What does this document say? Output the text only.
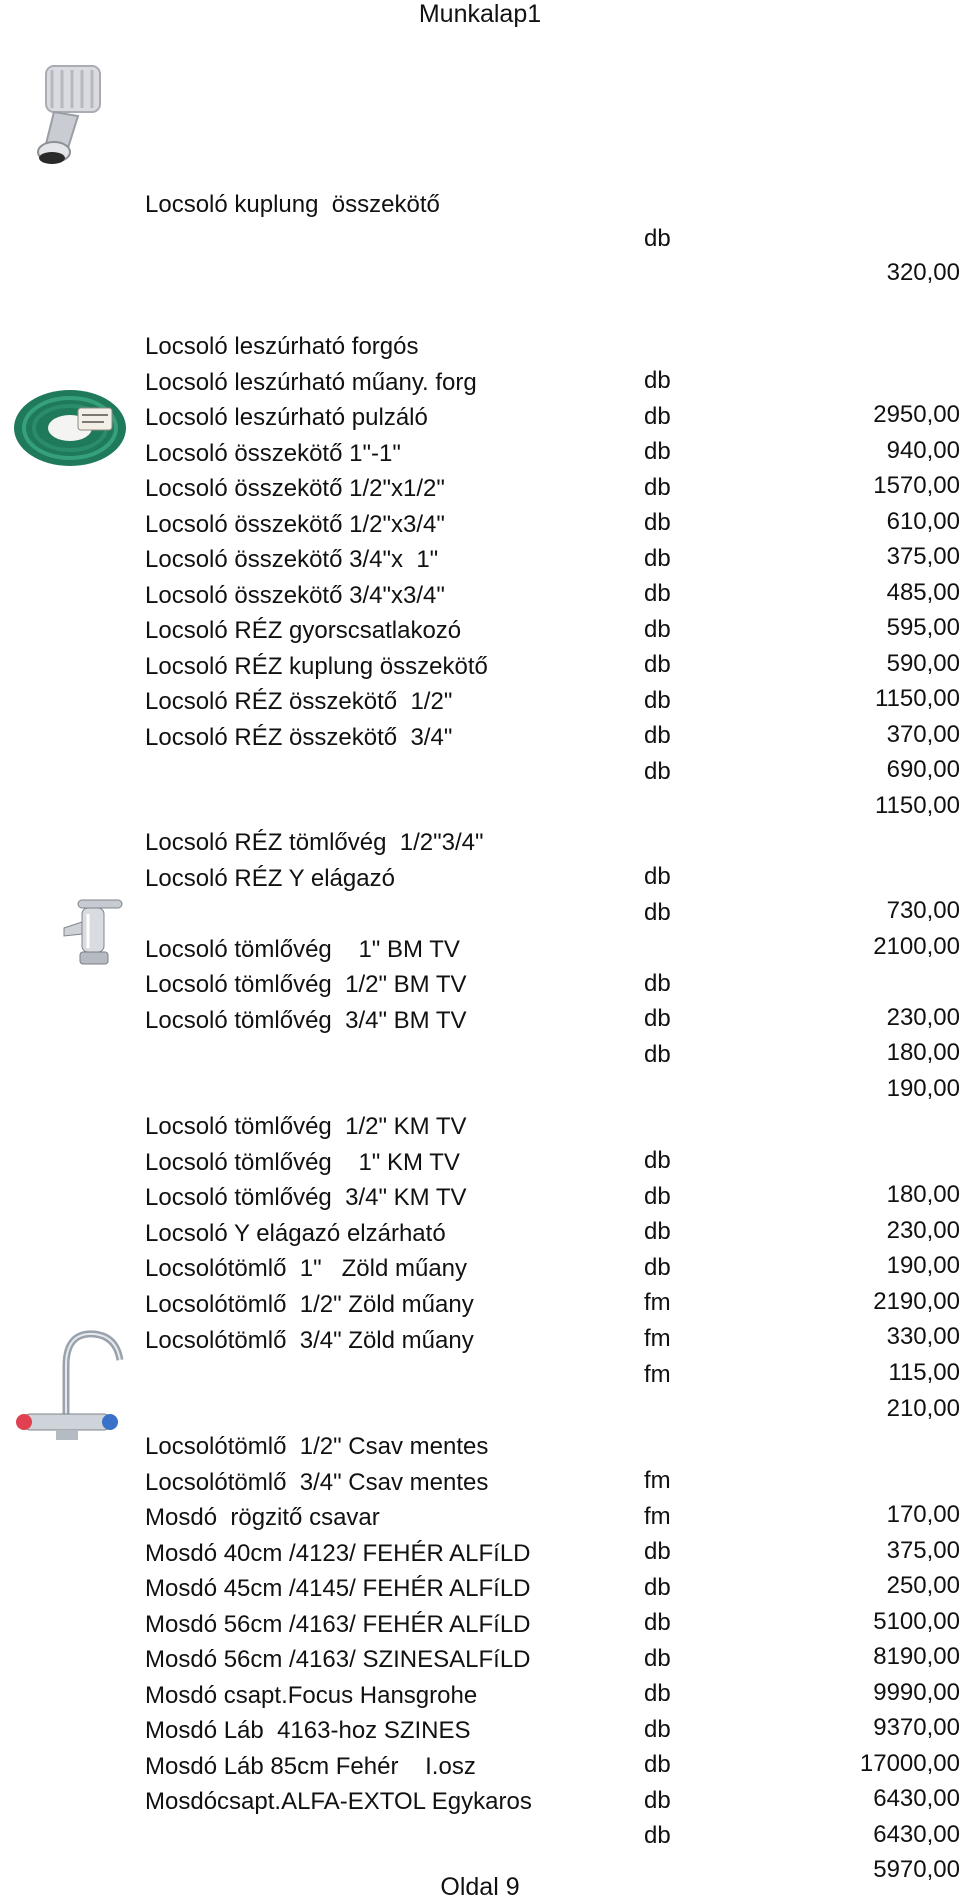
Munkalap1

Locsoló kuplung  összekötő

db

320,00

Locsoló leszúrható forgós

db

2950,00

Locsoló leszúrható műany. forg

db

940,00

Locsoló leszúrható pulzáló

db

1570,00

Locsoló összekötő 1"-1"

db

610,00

Locsoló összekötő 1/2"x1/2"

db

375,00

Locsoló összekötő 1/2"x3/4"

db

485,00

Locsoló összekötő 3/4"x  1"

db

595,00

Locsoló összekötő 3/4"x3/4"

db

590,00

Locsoló RÉZ gyorscsatlakozó

db

1150,00

Locsoló RÉZ kuplung összekötő

db

370,00

Locsoló RÉZ összekötő  1/2"

db

690,00

Locsoló RÉZ összekötő  3/4"

db

1150,00

Locsoló RÉZ tömlővég  1/2"3/4"

db

730,00

Locsoló RÉZ Y elágazó

db

2100,00

Locsoló tömlővég    1" BM TV

db

230,00

Locsoló tömlővég  1/2" BM TV

db

180,00

Locsoló tömlővég  3/4" BM TV

db

190,00

Locsoló tömlővég  1/2" KM TV

db

180,00

Locsoló tömlővég    1" KM TV

db

230,00

Locsoló tömlővég  3/4" KM TV

db

190,00

Locsoló Y elágazó elzárható

db

2190,00

Locsolótömlő  1"   Zöld műany

fm

330,00

Locsolótömlő  1/2" Zöld műany

fm

115,00

Locsolótömlő  3/4" Zöld műany

fm

210,00

Locsolótömlő  1/2" Csav mentes

fm

170,00

Locsolótömlő  3/4" Csav mentes

fm

375,00

Mosdó  rögzitő csavar

db

250,00

Mosdó 40cm /4123/ FEHÉR ALFíLD

db

5100,00

Mosdó 45cm /4145/ FEHÉR ALFíLD

db

8190,00

Mosdó 56cm /4163/ FEHÉR ALFíLD

db

9990,00

Mosdó 56cm /4163/ SZINESALFíLD

db

9370,00

Mosdó csapt.Focus Hansgrohe

db

17000,00

Mosdó Láb  4163-hoz SZINES

db

6430,00

Mosdó Láb 85cm Fehér    I.osz

db

6430,00

Mosdócsapt.ALFA-EXTOL Egykaros

db

5970,00

Oldal 9
